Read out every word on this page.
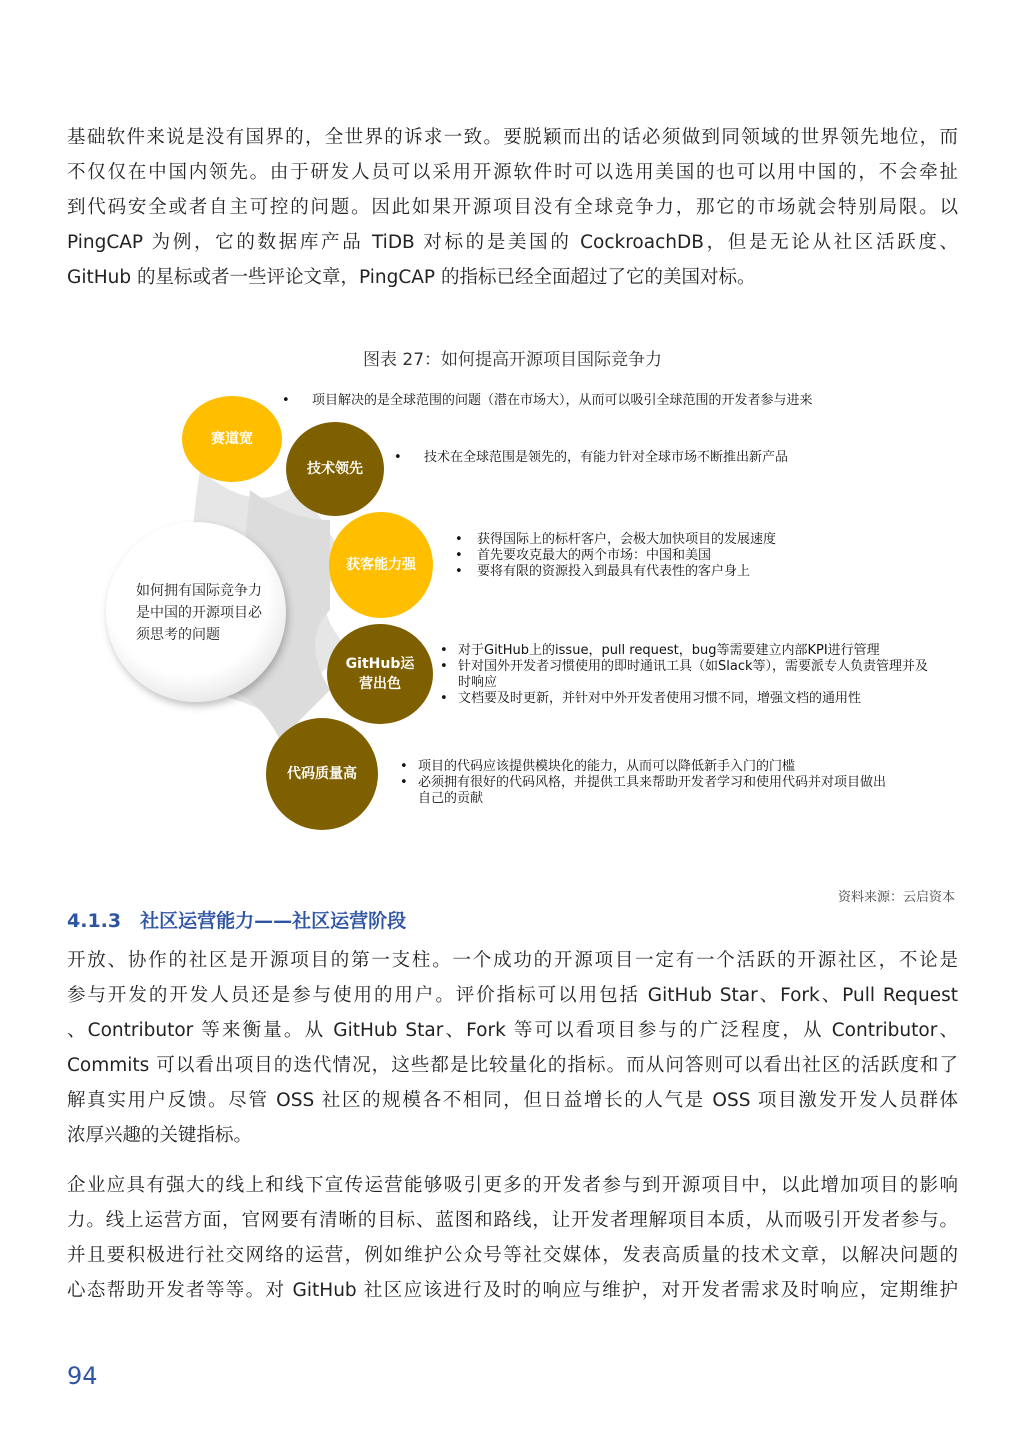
基础软件来说是没有国界的，全世界的诉求一致。要脱颖而出的话必须做到同领域的世界领先地位，而
不仅仅在中国内领先。由于研发人员可以采用开源软件时可以选用美国的也可以用中国的，不会牵扯
到代码安全或者自主可控的问题。因此如果开源项目没有全球竞争力，那它的市场就会特别局限。以
PingCAP 为例，它的数据库产品 TiDB 对标的是美国的 CockroachDB，但是无论从社区活跃度、
GitHub 的星标或者一些评论文章，PingCAP 的指标已经全面超过了它的美国对标。
图表 27：如何提高开源项目国际竞争力
如何拥有国际竞争力是中国的开源项目必须思考的问题
赛道宽
技术领先
获客能力强
GitHub运营出色
代码质量高
• 项目解决的是全球范围的问题（潜在市场大），从而可以吸引全球范围的开发者参与进来
• 技术在全球范围是领先的，有能力针对全球市场不断推出新产品
• 获得国际上的标杆客户，会极大加快项目的发展速度
• 首先要攻克最大的两个市场：中国和美国
• 要将有限的资源投入到最具有代表性的客户身上
• 对于GitHub上的issue，pull request，bug等需要建立内部KPI进行管理
• 针对国外开发者习惯使用的即时通讯工具（如Slack等），需要派专人负责管理并及时响应
• 文档要及时更新，并针对中外开发者使用习惯不同，增强文档的通用性
• 项目的代码应该提供模块化的能力，从而可以降低新手入门的门槛
• 必须拥有很好的代码风格，并提供工具来帮助开发者学习和使用代码并对项目做出自己的贡献
资料来源：云启资本
4.1.3　社区运营能力——社区运营阶段
开放、协作的社区是开源项目的第一支柱。一个成功的开源项目一定有一个活跃的开源社区，不论是
参与开发的开发人员还是参与使用的用户。评价指标可以用包括 GitHub Star、Fork、Pull Request
、Contributor 等来衡量。从 GitHub Star、Fork 等可以看项目参与的广泛程度，从 Contributor、
Commits 可以看出项目的迭代情况，这些都是比较量化的指标。而从问答则可以看出社区的活跃度和了
解真实用户反馈。尽管 OSS 社区的规模各不相同，但日益增长的人气是 OSS 项目激发开发人员群体
浓厚兴趣的关键指标。
企业应具有强大的线上和线下宣传运营能够吸引更多的开发者参与到开源项目中，以此增加项目的影响
力。线上运营方面，官网要有清晰的目标、蓝图和路线，让开发者理解项目本质，从而吸引开发者参与。
并且要积极进行社交网络的运营，例如维护公众号等社交媒体，发表高质量的技术文章，以解决问题的
心态帮助开发者等等。对 GitHub 社区应该进行及时的响应与维护，对开发者需求及时响应，定期维护
94
